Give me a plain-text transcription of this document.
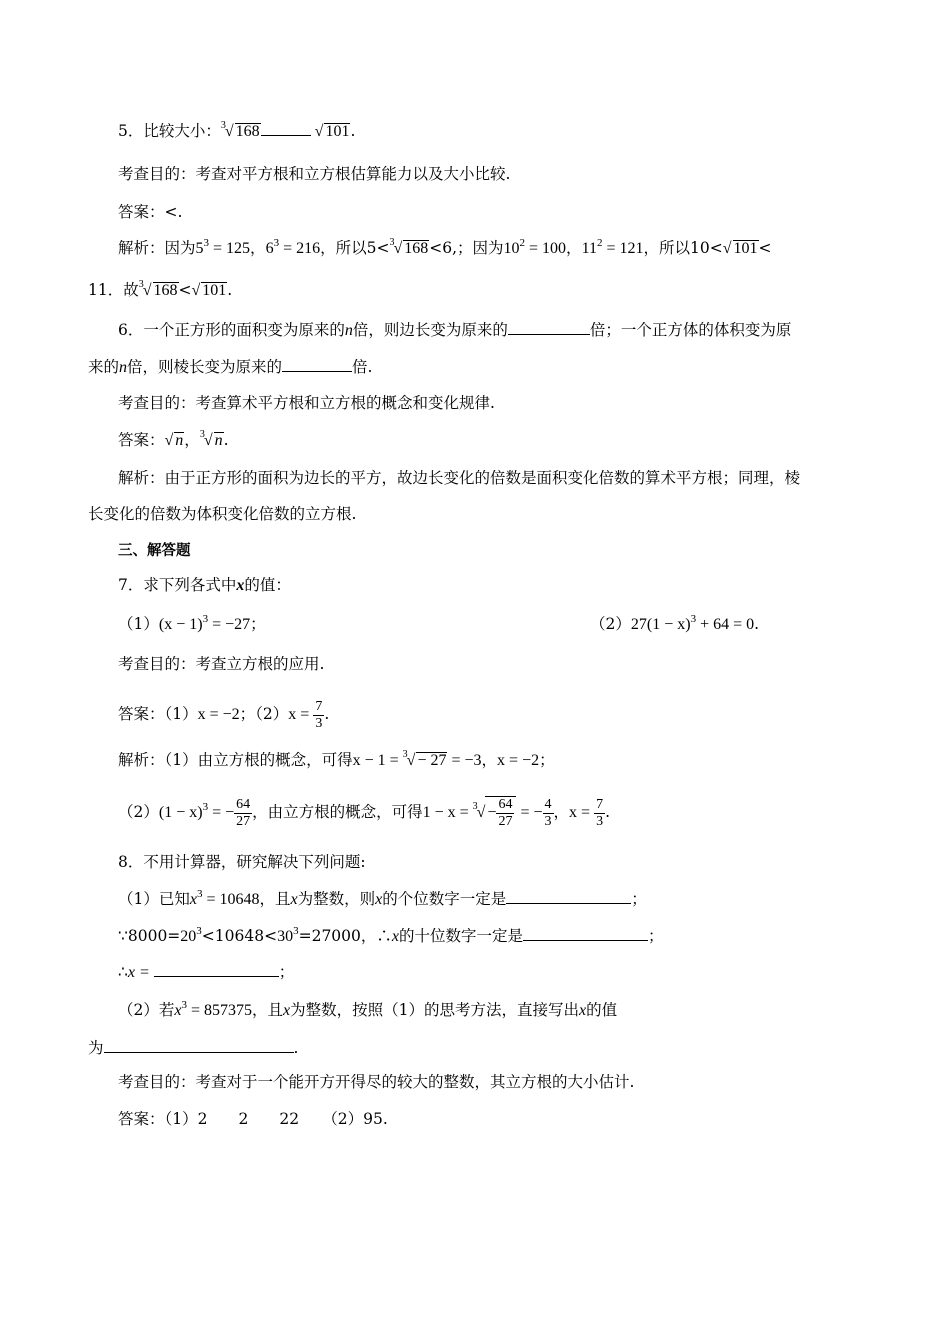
5．比较大小：$^3$√ 168	√ 101.
考查目的：考查对平方根和立方根估算能力以及大小比较.
答案：<.
解析：因为$5^3 = 125$，$6^3 = 216$，所以5<$^3$√ 168<6,；因为$10^2 = 100$，$11^2 = 121$，所以10<√ 101<
11．故$^3$√ 168<√ 101.
6．一个正方形的面积变为原来的n倍，则边长变为原来的	倍；一个正方体的体积变为原
来的n倍，则棱长变为原来的	倍.
考查目的：考查算术平方根和立方根的概念和变化规律.
答案：√ n，$^3$√ n.
解析：由于正方形的面积为边长的平方，故边长变化的倍数是面积变化倍数的算术平方根；同理，棱
长变化的倍数为体积变化倍数的立方根.
三、解答题
7．求下列各式中x的值：
$(1)(x - 1)^3 = -27$；	$(2)27(1 - x)^3 + 64 = 0$.
考查目的：考查立方根的应用.
答案：（1）x = −2；$(2)x = \frac{7}{3}$ .
解析：（1）由立方根的概念，可得x − 1 = $^3$√ − 27 = −3，x = −2；
$(2)(1 - x)^3$ = − $\frac{64}{27}$ ，由立方根的概念，可得$1 - x = ^3√ - \frac{64}{27}$ = − $\frac{4}{3}$ ，$x = \frac{7}{3}$ .
8．不用计算器，研究解决下列问题:
（1）已知$x^3 = 10648$，且x为整数，则x的个位数字一定是	；
$\because 8000=20^3<10648<30^3=27000$，∴x的十位数字一定是	；
∴x =	；
（2）若$x^3 = 857375$，且x为整数，按照（1）的思考方法，直接写出x的值
为	.
考查目的：考查对于一个能开方开得尽的较大的整数，其立方根的大小估计.
答案：（1）2　　2　　22　　（2）95.
